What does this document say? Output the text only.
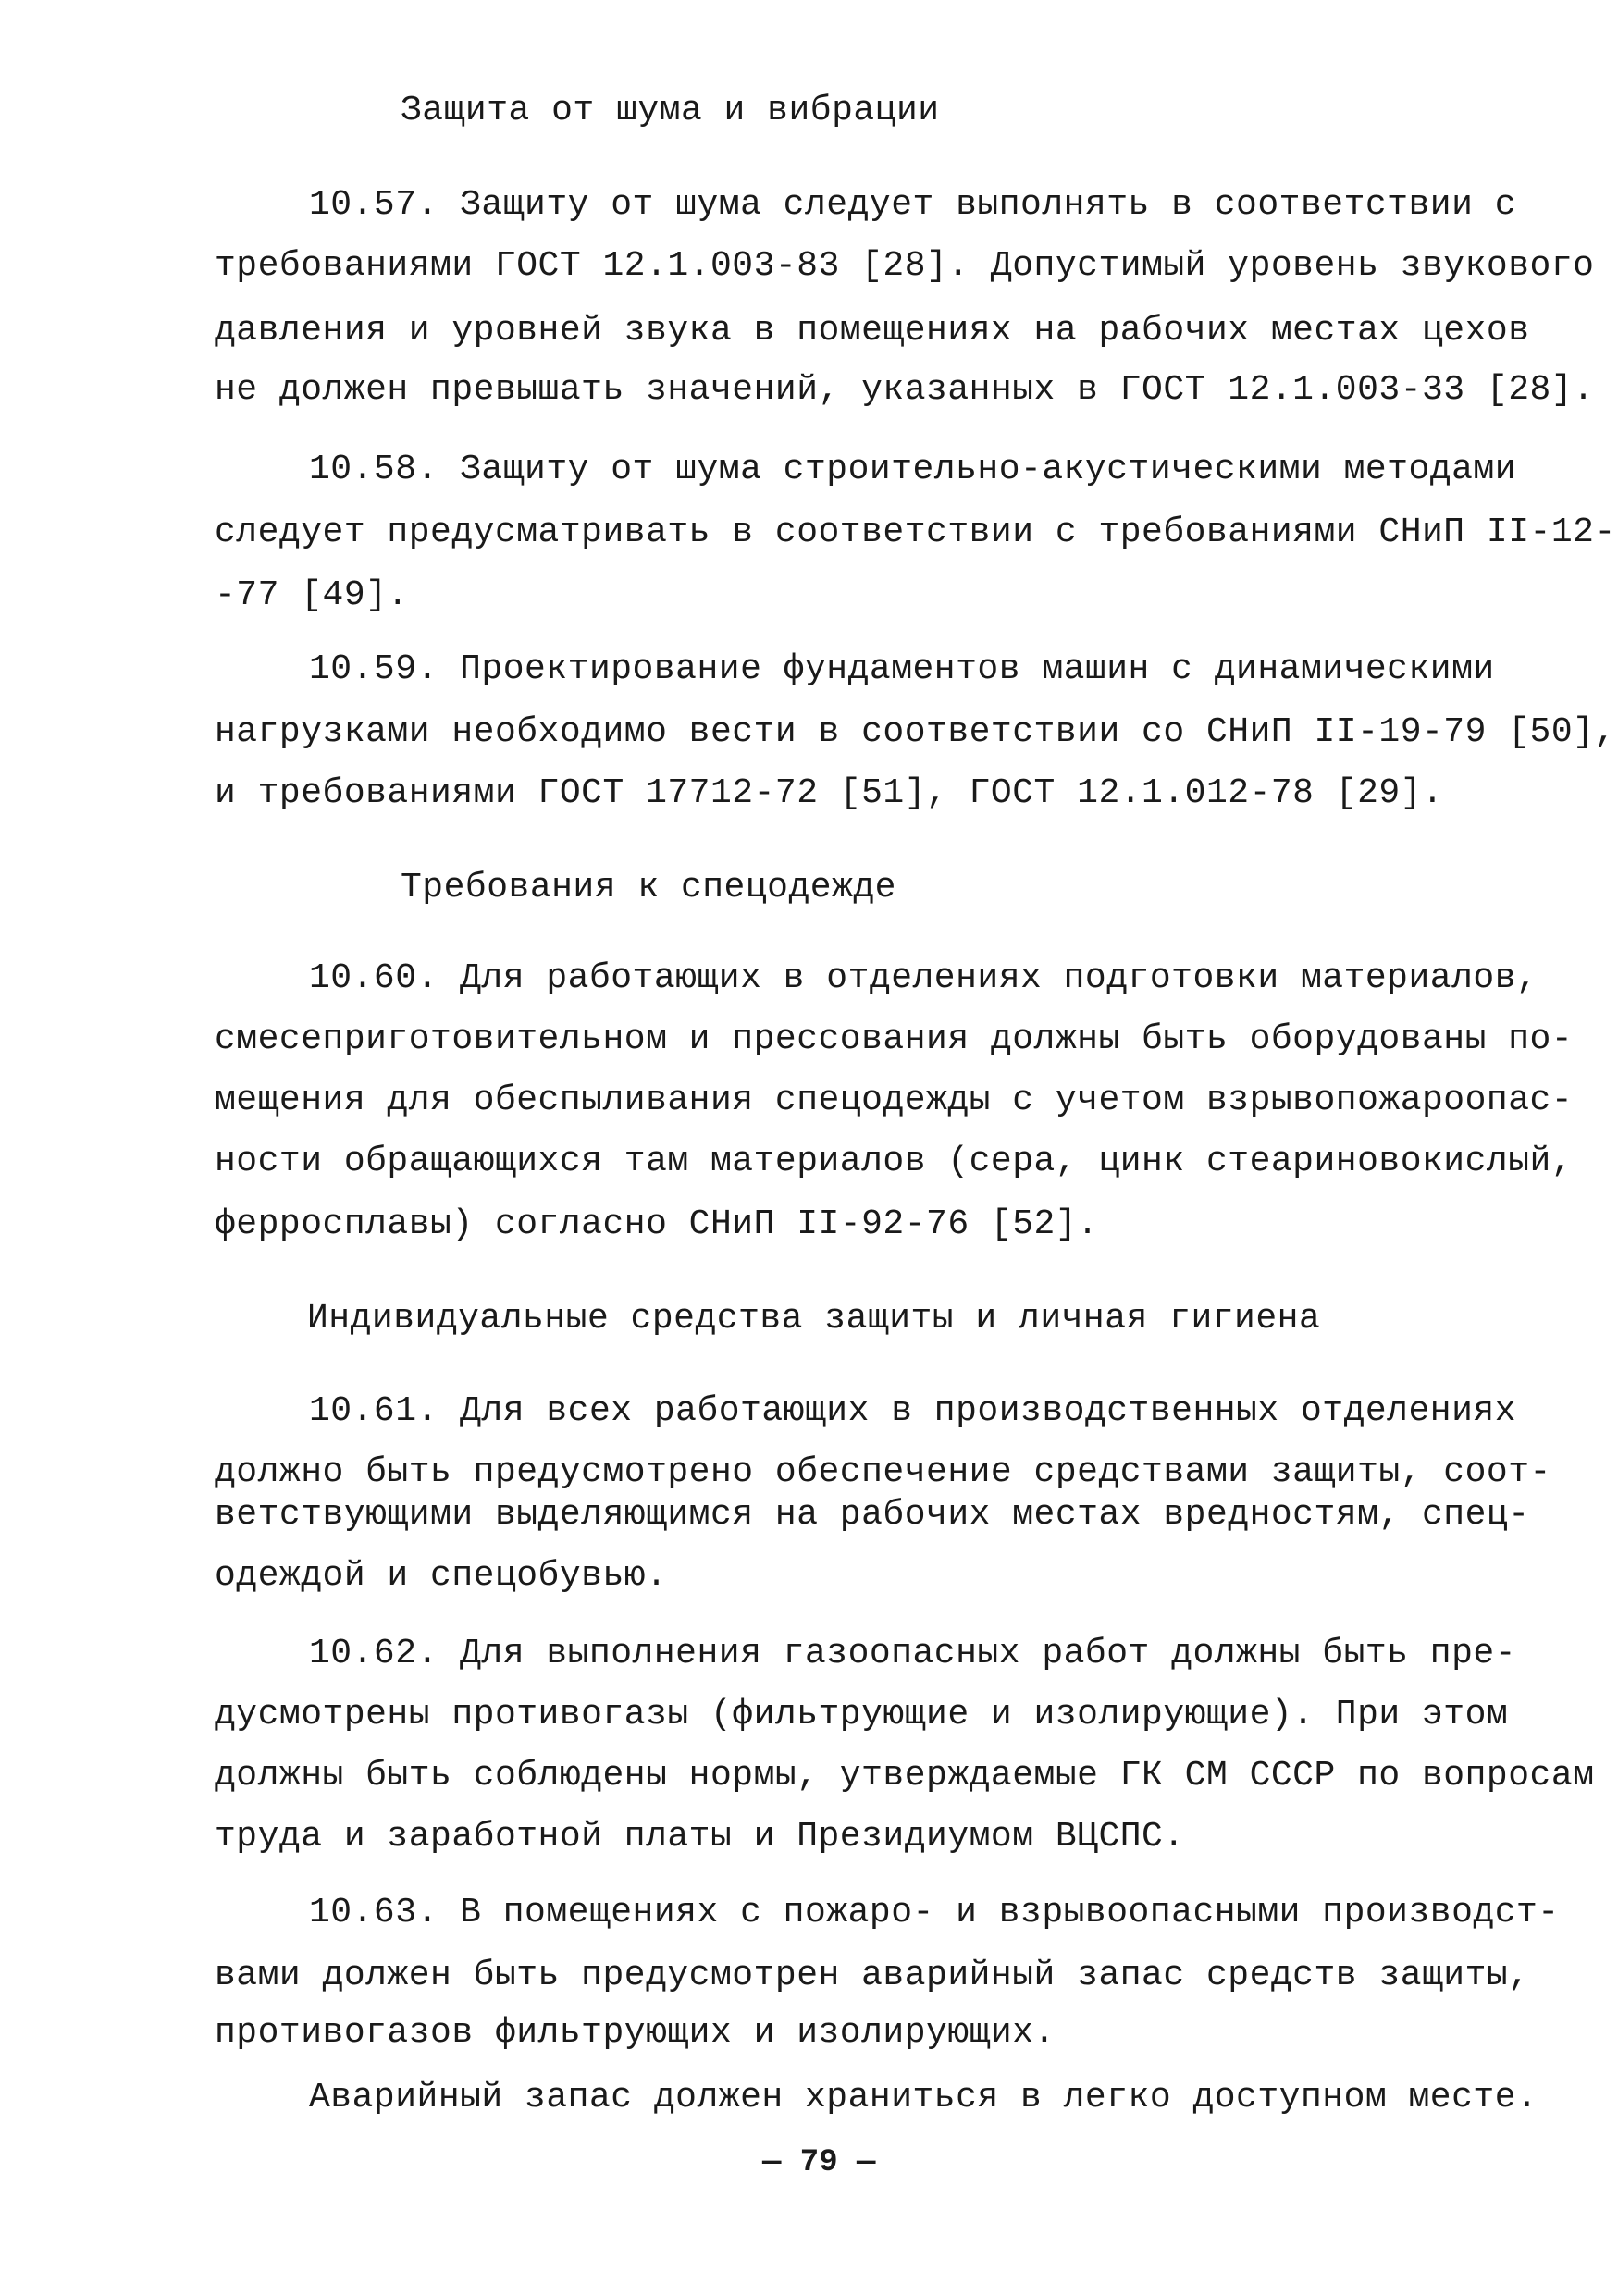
Защита от шума и вибрации
10.57. Защиту от шума следует выполнять в соответствии с
требованиями ГОСТ 12.1.003-83 [28]. Допустимый уровень звукового
давления и уровней звука в помещениях на рабочих местах цехов
не должен превышать значений, указанных в ГОСТ 12.1.003-33 [28].
10.58. Защиту от шума строительно-акустическими методами
следует предусматривать в соответствии с требованиями СНиП II-12-
-77 [49].
10.59. Проектирование фундаментов машин с динамическими
нагрузками необходимо вести в соответствии со СНиП II-19-79 [50],
и требованиями ГОСТ 17712-72 [51], ГОСТ 12.1.012-78 [29].
Требования к спецодежде
10.60. Для работающих в отделениях подготовки материалов,
смесеприготовительном и прессования должны быть оборудованы по-
мещения для обеспыливания спецодежды с учетом взрывопожароопас-
ности обращающихся там материалов (сера, цинк стеариновокислый,
ферросплавы) согласно СНиП II-92-76 [52].
Индивидуальные средства защиты и личная гигиена
10.61. Для всех работающих в производственных отделениях
должно быть предусмотрено обеспечение средствами защиты, соот-
ветствующими выделяющимся на рабочих местах вредностям, спец-
одеждой и спецобувью.
10.62. Для выполнения газоопасных работ должны быть пре-
дусмотрены противогазы (фильтрующие и изолирующие). При этом
должны быть соблюдены нормы, утверждаемые ГК СМ СССР по вопросам
труда и заработной платы и Президиумом ВЦСПС.
10.63. В помещениях с пожаро- и взрывоопасными производст-
вами должен быть предусмотрен аварийный запас средств защиты,
противогазов фильтрующих и изолирующих.
Аварийный запас должен храниться в легко доступном месте.
— 79 —
